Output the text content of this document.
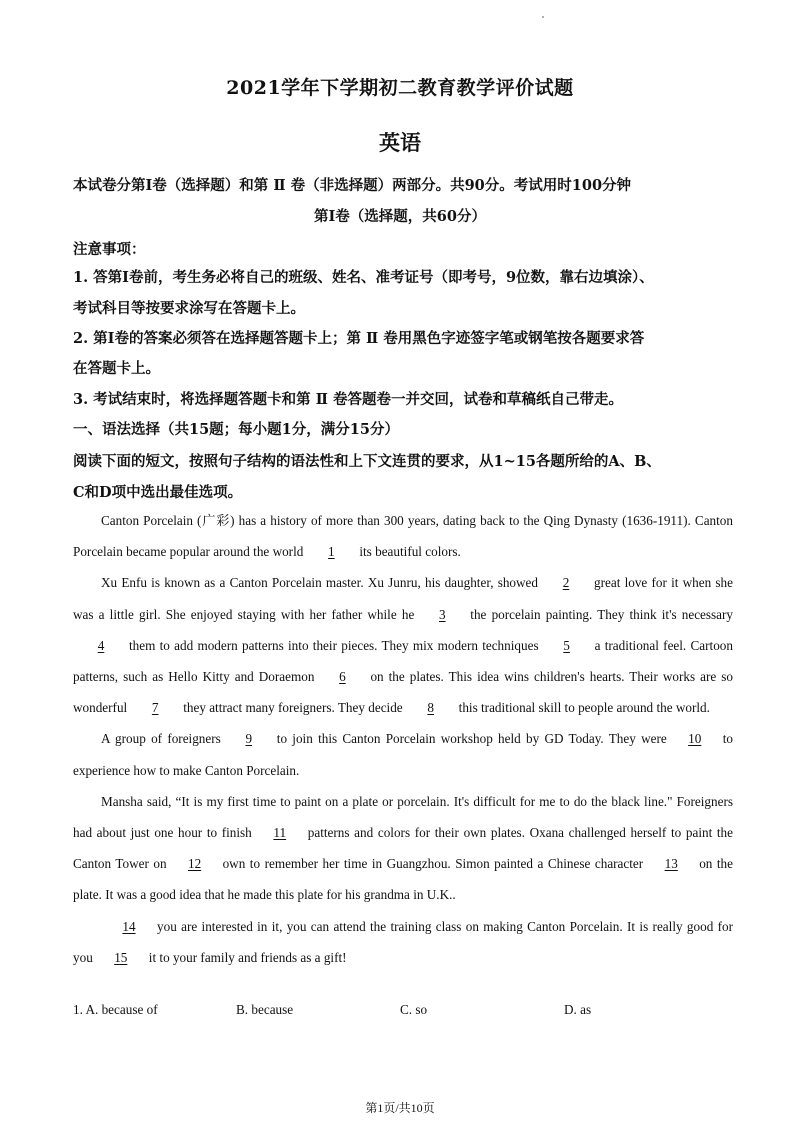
2021学年下学期初二教育教学评价试题
英语
本试卷分第Ⅰ卷（选择题）和第 Ⅱ 卷（非选择题）两部分。共90分。考试用时100分钟
第Ⅰ卷（选择题，共60分）
注意事项：
1. 答第Ⅰ卷前，考生务必将自己的班级、姓名、准考证号（即考号，9位数，靠右边填涂）、
考试科目等按要求涂写在答题卡上。
2. 第Ⅰ卷的答案必须答在选择题答题卡上；第 Ⅱ 卷用黑色字迹签字笔或钢笔按各题要求答
在答题卡上。
3. 考试结束时，将选择题答题卡和第 Ⅱ 卷答题卷一并交回，试卷和草稿纸自己带走。
一、语法选择（共15题；每小题1分，满分15分）
阅读下面的短文，按照句子结构的语法性和上下文连贯的要求，从1~15各题所给的A、B、
C和D项中选出最佳选项。

Canton Porcelain (广彩) has a history of more than 300 years, dating back to the Qing Dynasty (1636-1911). Canton Porcelain became popular around the world 1 its beautiful colors.

Xu Enfu is known as a Canton Porcelain master. Xu Junru, his daughter, showed 2 great love for it when she was a little girl. She enjoyed staying with her father while he 3 the porcelain painting. They think it's necessary4 them to add modern patterns into their pieces. They mix modern techniques 5 a traditional feel. Cartoon patterns, such as Hello Kitty and Doraemon 6 on the plates. This idea wins children's hearts. Their works are so wonderful 7 they attract many foreigners. They decide 8 this traditional skill to people around the world.

A group of foreigners 9 to join this Canton Porcelain workshop held by GD Today. They were 10 to experience how to make Canton Porcelain.

Mansha said, “It is my first time to paint on a plate or porcelain. It's difficult for me to do the black line." Foreigners had about just one hour to finish 11 patterns and colors for their own plates. Oxana challenged herself to paint the Canton Tower on 12 own to remember her time in Guangzhou. Simon painted a Chinese character 13 on the plate. It was a good idea that he made this plate for his grandma in U.K..

14 you are interested in it, you can attend the training class on making Canton Porcelain. It is really good for you 15 it to your family and friends as a gift!

1. A. because of	B. because	C. so	D. as
第1页/共10页
